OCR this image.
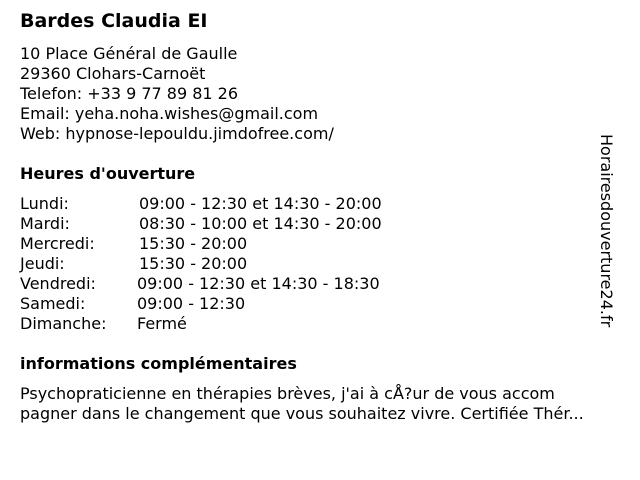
Bardes Claudia EI
10 Place Général de Gaulle
29360 Clohars-Carnoët
Telefon: +33 9 77 89 81 26
Email: yeha.noha.wishes@gmail.com
Web: hypnose-lepouldu.jimdofree.com/
Heures d'ouverture
Lundi:	09:00 - 12:30 et 14:30 - 20:00
Mardi:	08:30 - 10:00 et 14:30 - 20:00
Mercredi:	15:30 - 20:00
Jeudi:	15:30 - 20:00
Vendredi:	09:00 - 12:30 et 14:30 - 18:30
Samedi:	09:00 - 12:30
Dimanche: Fermé
informations complémentaires
Psychopraticienne en thérapies brèves, j'ai à cÅ?ur de vous accom
pagner dans le changement que vous souhaitez vivre. Certifiée Thér...
Horairesdouverture24.fr
